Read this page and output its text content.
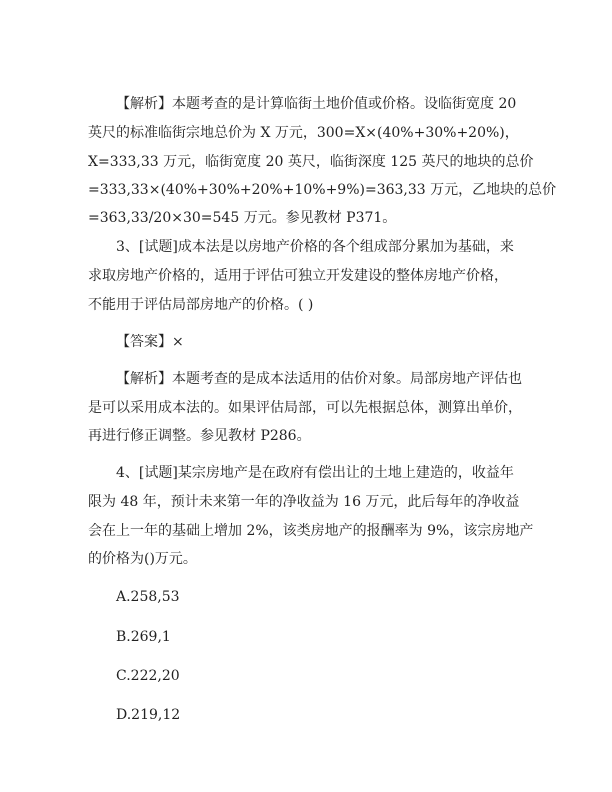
【解析】本题考查的是计算临街土地价值或价格。设临街宽度 20
英尺的标准临街宗地总价为 X 万元，300=X×(40%+30%+20%)，
X=333,33 万元，临街宽度 20 英尺，临街深度 125 英尺的地块的总价
=333,33×(40%+30%+20%+10%+9%)=363,33 万元，乙地块的总价
=363,33/20×30=545 万元。参见教材 P371。
3、[试题]成本法是以房地产价格的各个组成部分累加为基础，来
求取房地产价格的，适用于评估可独立开发建设的整体房地产价格，
不能用于评估局部房地产的价格。( )
【答案】×
【解析】本题考查的是成本法适用的估价对象。局部房地产评估也
是可以采用成本法的。如果评估局部，可以先根据总体，测算出单价，
再进行修正调整。参见教材 P286。
4、[试题]某宗房地产是在政府有偿出让的土地上建造的，收益年
限为 48 年，预计未来第一年的净收益为 16 万元，此后每年的净收益
会在上一年的基础上增加 2%，该类房地产的报酬率为 9%，该宗房地产
的价格为()万元。
A.258,53
B.269,1
C.222,20
D.219,12
